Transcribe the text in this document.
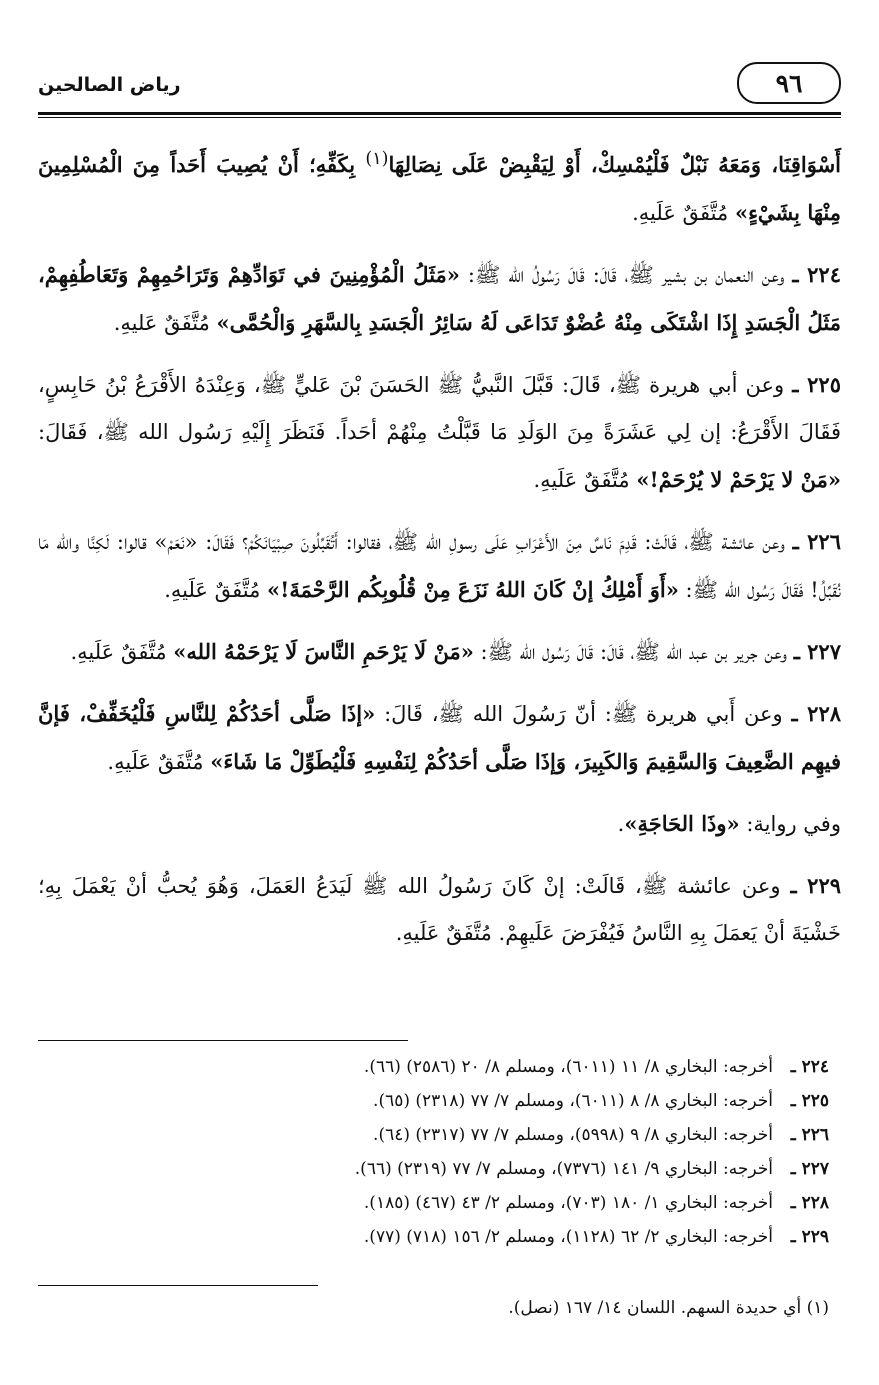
٩٦
رياض الصالحين

أَسْوَاقِنَا، وَمَعَهُ نَبْلٌ فَلْيُمْسِكْ، أَوْ لِيَقْبِضْ عَلَى نِصَالِهَا$^{(١)}$ بِكَفِّهِ؛ أَنْ يُصِيبَ أَحَداً مِنَ الْمُسْلِمِينَ مِنْهَا بِشَيْءٍ» مُتَّفَقٌ عَلَيهِ.

٢٢٤ ـ وعن النعمان بن بشير ﷺ، قَالَ: قَالَ رَسُولُ الله ﷺ: «مَثَلُ الْمُؤْمِنِينَ في تَوَادِّهِمْ وَتَرَاحُمِهِمْ وَتَعَاطُفِهِمْ، مَثَلُ الْجَسَدِ إِذَا اشْتَكَى مِنْهُ عُضْوٌ تَدَاعَى لَهُ سَائِرُ الْجَسَدِ بِالسَّهَرِ وَالْحُمَّى» مُتَّفَقٌ عَليهِ.

٢٢٥ ـ وعن أبي هريرة ﷺ، قَالَ: قَبَّلَ النَّبيُّ ﷺ الحَسَنَ بْنَ عَليٍّ ﷺ، وَعِنْدَهُ الأَقْرَعُ بْنُ حَابِسٍ، فَقَالَ الأَقْرَعُ: إن لِي عَشَرَةً مِنَ الوَلَدِ مَا قَبَّلْتُ مِنْهُمْ أحَداً. فَنَظَرَ إِلَيْهِ رَسُول الله ﷺ، فَقَالَ: «مَنْ لا يَرْحَمْ لا يُرْحَمْ!» مُتَّفَقٌ عَلَيهِ.

٢٢٦ ـ وعن عائشة ﷺ، قَالَتْ: قَدِمَ نَاسٌ مِنَ الأَعْرَابِ عَلَى رسولِ الله ﷺ، فقالوا: أَتُقَبِّلُونَ صِبْيَانَكُمْ؟ فَقَالَ: «نَعَمْ» قالوا: لَكِنَّا والله مَا نُقَبِّلُ! فَقَالَ رَسُول الله ﷺ: «أَوَ أَمْلِكُ إنْ كَانَ اللهُ نَزَعَ مِنْ قُلُوبِكُم الرَّحْمَةَ!» مُتَّفَقٌ عَلَيهِ.

٢٢٧ ـ وعن جرير بن عبد الله ﷺ، قَالَ: قَالَ رَسُول الله ﷺ: «مَنْ لَا يَرْحَمِ النَّاسَ لَا يَرْحَمْهُ الله» مُتَّفَقٌ عَلَيهِ.

٢٢٨ ـ وعن أَبي هريرة ﷺ: أنّ رَسُولَ الله ﷺ، قَالَ: «إذَا صَلَّى أحَدُكُمْ لِلنَّاسِ فَلْيُخَفِّفْ، فَإنَّ فيهِم الضَّعِيفَ وَالسَّقِيمَ وَالكَبِيرَ، وَإذَا صَلَّى أحَدُكُمْ لِنَفْسِهِ فَلْيُطَوِّلْ مَا شَاءَ» مُتَّفَقٌ عَلَيهِ.

وفي رواية: «وذَا الحَاجَةِ».

٢٢٩ ـ وعن عائشة ﷺ، قَالَتْ: إنْ كَانَ رَسُولُ الله ﷺ لَيَدَعُ العَمَلَ، وَهُوَ يُحبُّ أنْ يَعْمَلَ بِهِ؛ خَشْيَةَ أنْ يَعمَلَ بِهِ النَّاسُ فَيُفْرَضَ عَلَيهِمْ. مُتَّفَقٌ عَلَيهِ.

٢٢٤ ـأخرجه: البخاري ٨/ ١١ (٦٠١١)، ومسلم ٨/ ٢٠ (٢٥٨٦) (٦٦).
٢٢٥ ـأخرجه: البخاري ٨/ ٨ (٦٠١١)، ومسلم ٧/ ٧٧ (٢٣١٨) (٦٥).
٢٢٦ ـأخرجه: البخاري ٨/ ٩ (٥٩٩٨)، ومسلم ٧/ ٧٧ (٢٣١٧) (٦٤).
٢٢٧ ـأخرجه: البخاري ٩/ ١٤١ (٧٣٧٦)، ومسلم ٧/ ٧٧ (٢٣١٩) (٦٦).
٢٢٨ ـأخرجه: البخاري ١/ ١٨٠ (٧٠٣)، ومسلم ٢/ ٤٣ (٤٦٧) (١٨٥).
٢٢٩ ـأخرجه: البخاري ٢/ ٦٢ (١١٢٨)، ومسلم ٢/ ١٥٦ (٧١٨) (٧٧).
(١) أي حديدة السهم. اللسان ١٤/ ١٦٧ (نصل).
